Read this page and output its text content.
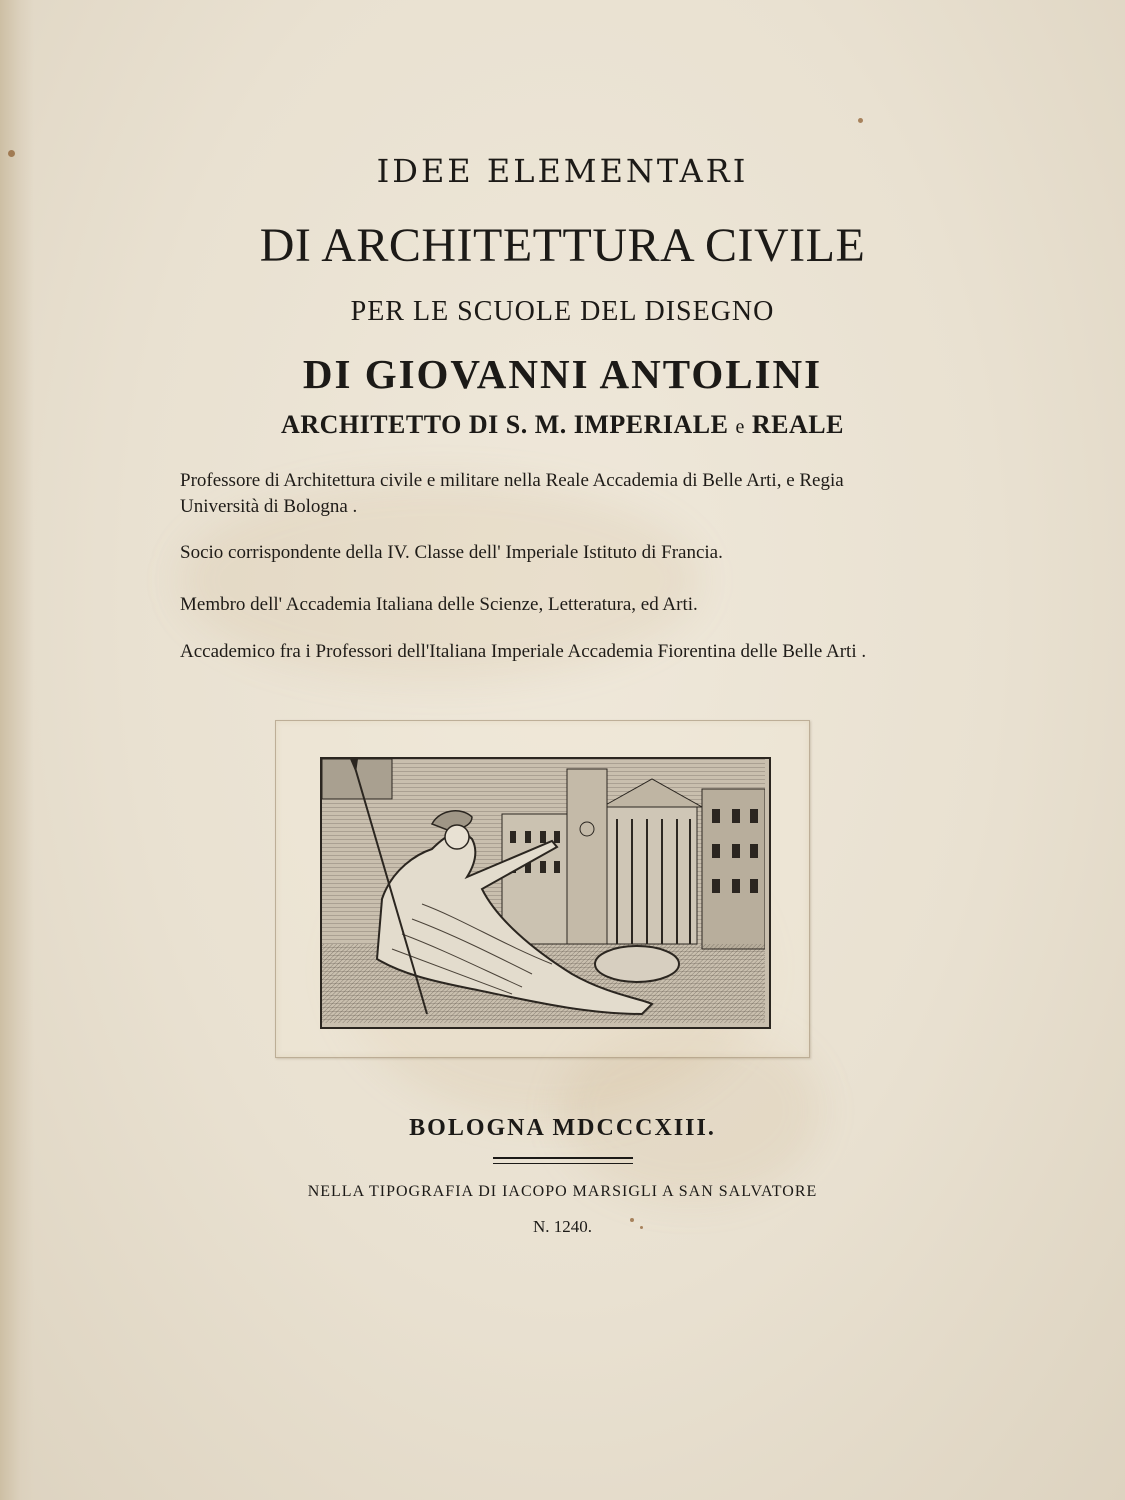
IDEE ELEMENTARI
DI ARCHITETTURA CIVILE
PER LE SCUOLE DEL DISEGNO
DI GIOVANNI ANTOLINI
ARCHITETTO DI S. M. IMPERIALE e REALE
Professore di Architettura civile e militare nella Reale Accademia di Belle Arti, e Regia Università di Bologna .
Socio corrispondente della IV. Classe dell' Imperiale Istituto di Francia.
Membro dell' Accademia Italiana delle Scienze, Letteratura, ed Arti.
Accademico fra i Professori dell'Italiana Imperiale Accademia Fiorentina delle Belle Arti .
BOLOGNA MDCCCXIII.
NELLA TIPOGRAFIA DI IACOPO MARSIGLI A SAN SALVATORE
N. 1240.
